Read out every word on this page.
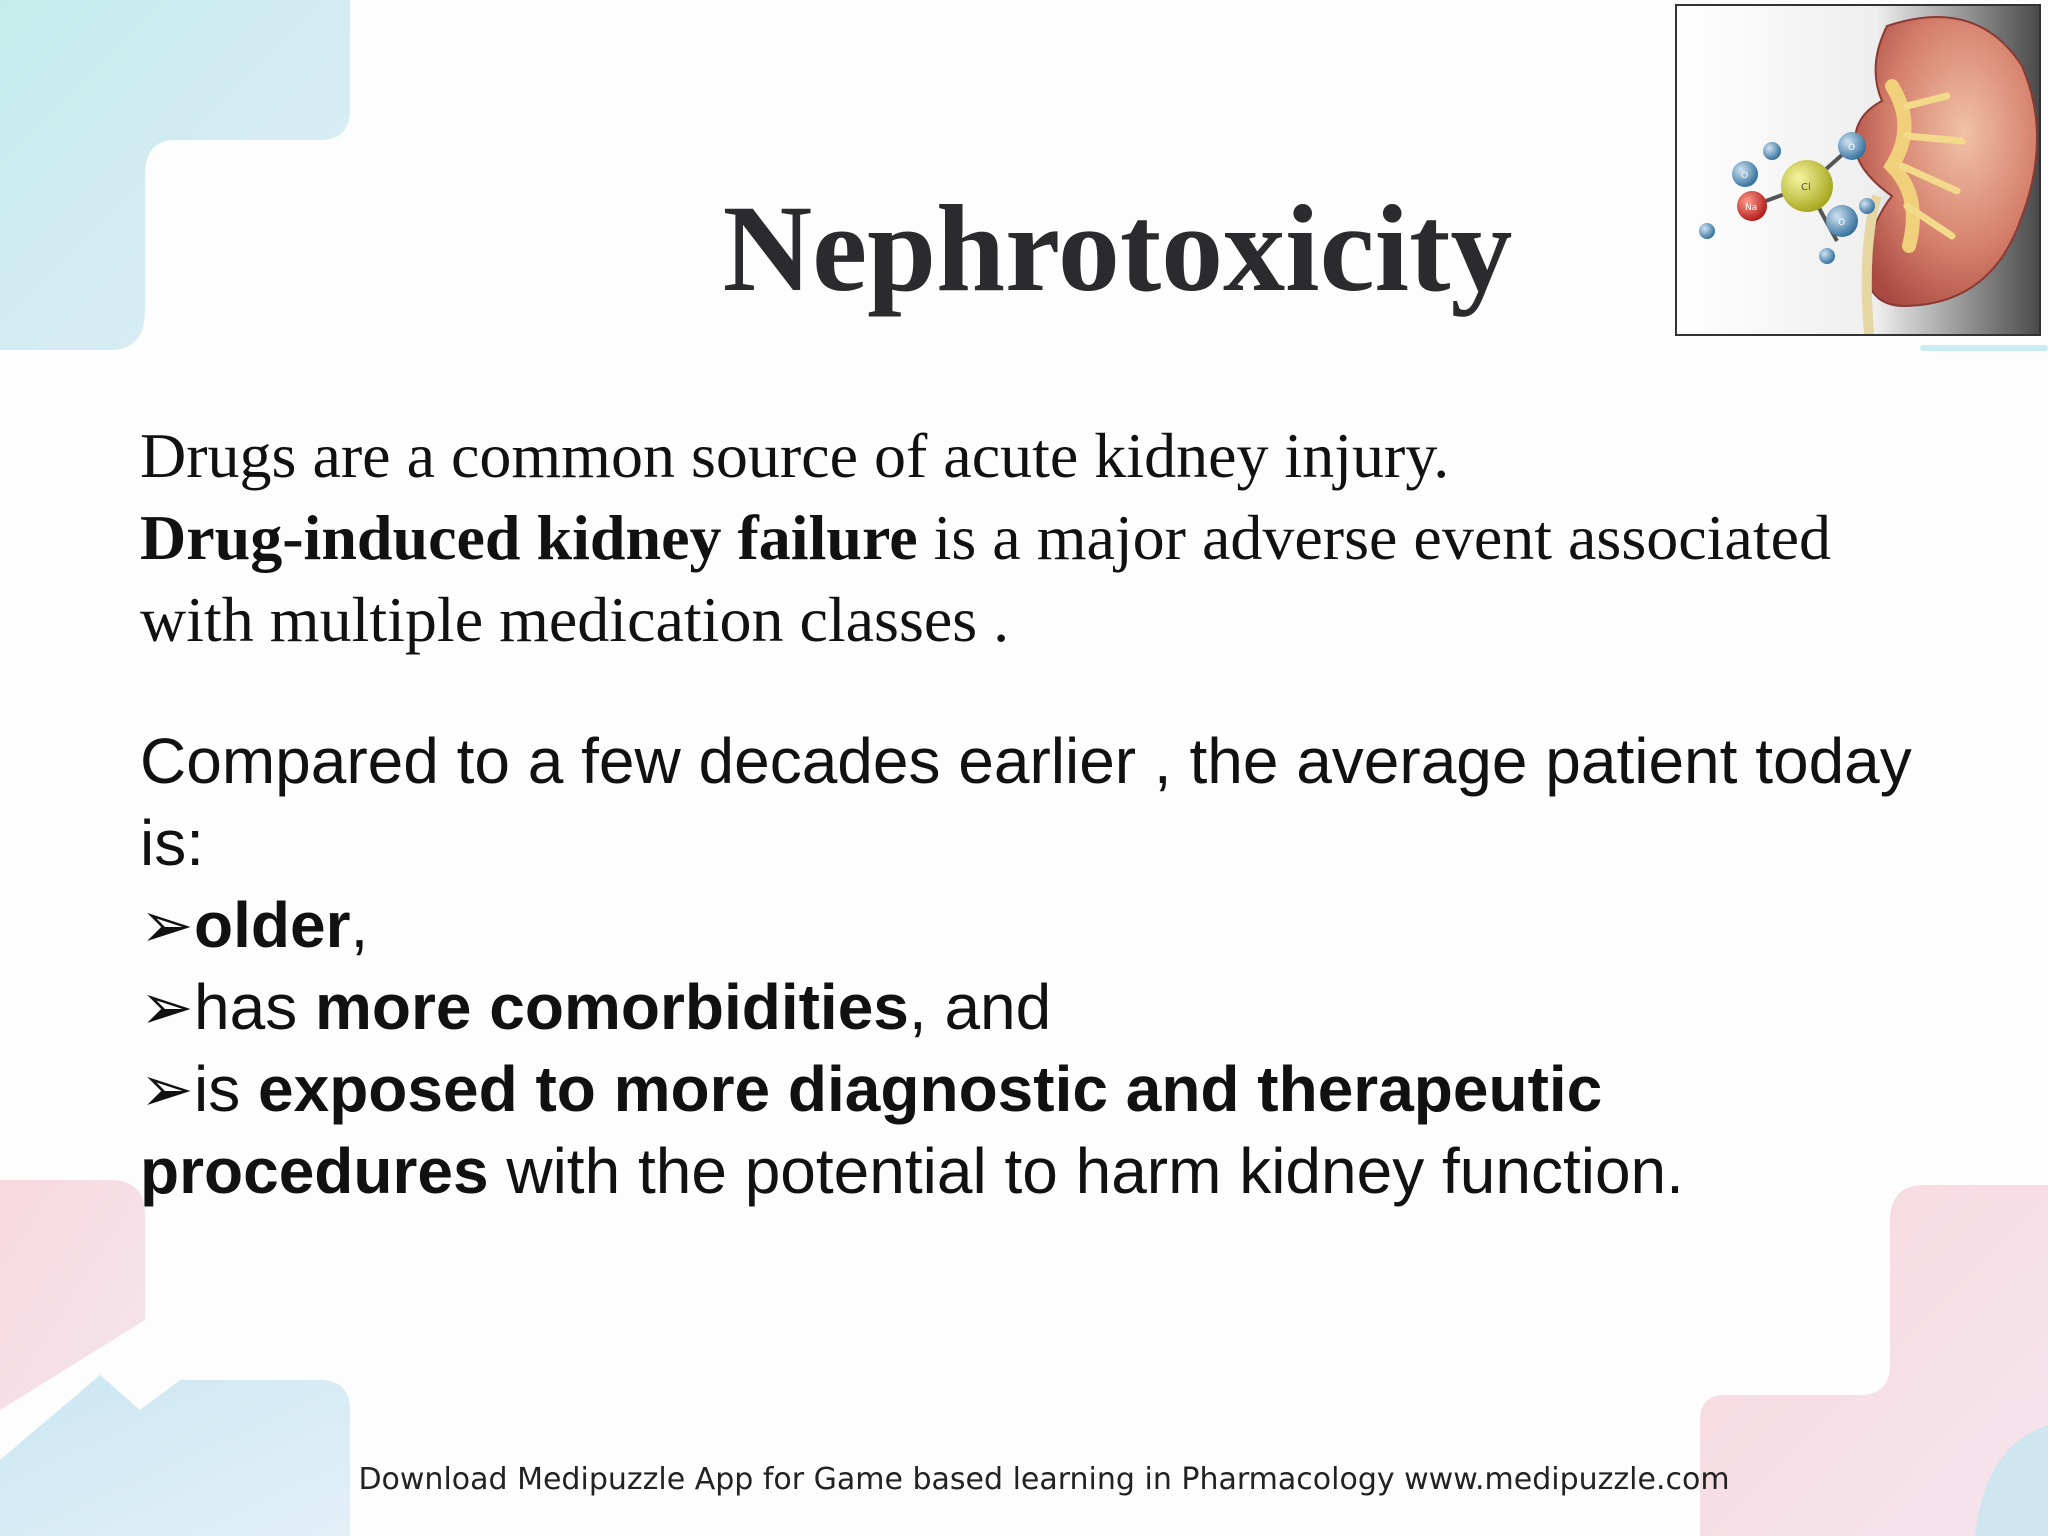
Nephrotoxicity	Na
Cl
O
O
O
Drugs are a common source of acute kidney injury.
Drug-induced kidney failure is a major adverse event associated with multiple medication classes .
Compared to a few decades earlier , the average patient today is:
➢older,
➢has more comorbidities, and
➢is exposed to more diagnostic and therapeutic procedures with the potential to harm kidney function.
Download Medipuzzle App for Game based learning in Pharmacology www.medipuzzle.com
